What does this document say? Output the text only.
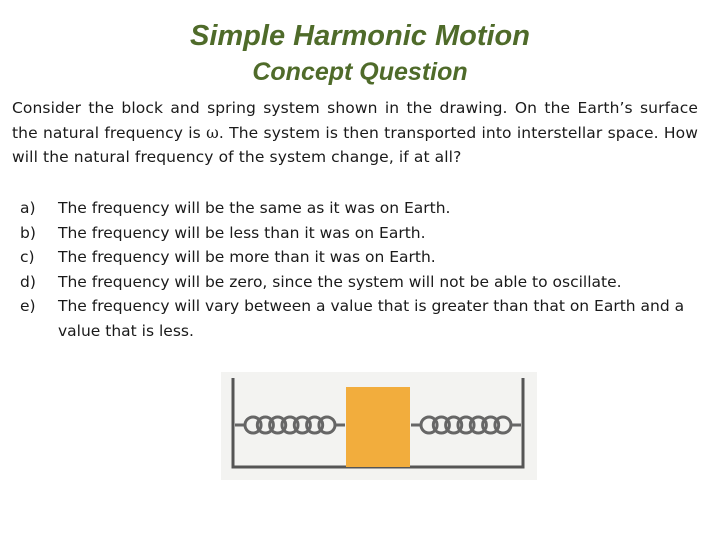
Simple Harmonic Motion
Concept Question

Consider the block and spring system shown in the drawing. On the Earth’s surface the natural frequency is ω. The system is then transported into interstellar space. How will the natural frequency of the system change, if at all?

a)	The frequency will be the same as it was on Earth.
b)	The frequency will be less than it was on Earth.
c)	The frequency will be more than it was on Earth.
d)	The frequency will be zero, since the system will not be able to oscillate.
e)	The frequency will vary between a value that is greater than that on Earth and a value that is less.
